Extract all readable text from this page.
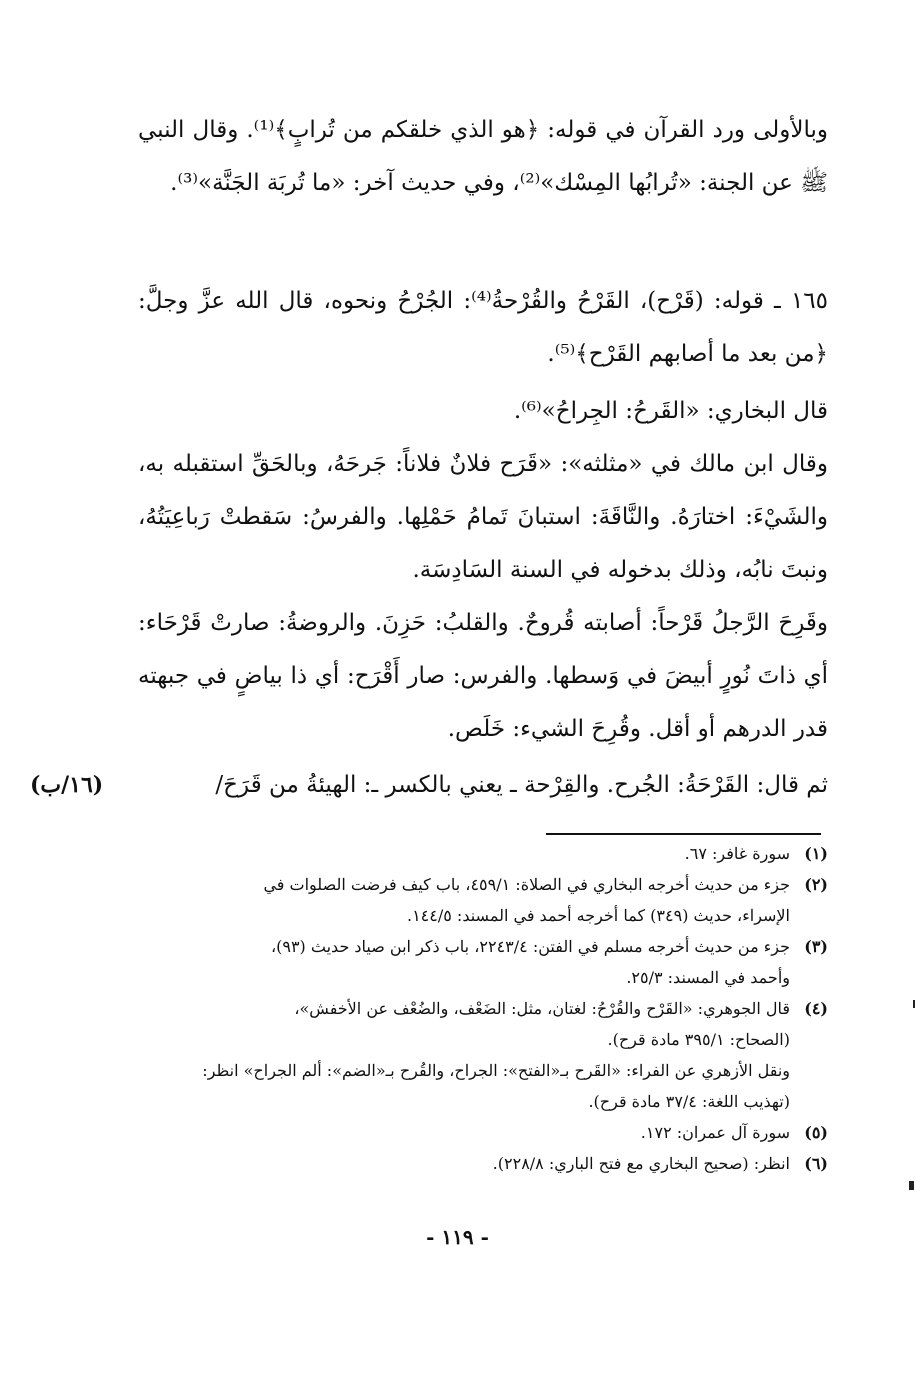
وبالأولى ورد القرآن في قوله: ﴿هو الذي خلقكم من تُرابٍ﴾⁽¹⁾. وقال النبي ﷺ عن الجنة: «تُرابُها المِسْك»⁽²⁾، وفي حديث آخر: «ما تُربَة الجَنَّة»⁽³⁾.

١٦٥ ـ قوله: (قَرْح)، القَرْحُ والقُرْحةُ⁽⁴⁾: الجُرْحُ ونحوه، قال الله عزَّ وجلَّ: ﴿من بعد ما أصابهم القَرْح﴾⁽⁵⁾.

قال البخاري: «القَرحُ: الجِراحُ»⁽⁶⁾.

وقال ابن مالك في «مثلثه»: «قَرَح فلانٌ فلاناً: جَرحَهُ، وبالحَقِّ استقبله به، والشَيْءَ: اختارَهُ. والنَّاقَةَ: استبانَ تَمامُ حَمْلِها. والفرسُ: سَقطتْ رَباعِيَتُهُ، ونبتَ نابُه، وذلك بدخوله في السنة السَادِسَة.

وقَرِحَ الرَّجلُ قَرْحاً: أصابته قُروحٌ. والقلبُ: حَزِنَ. والروضةُ: صارتْ قَرْحَاء: أي ذاتَ نُورٍ أبيضَ في وَسطها. والفرس: صار أَقْرَح: أي ذا بياضٍ في جبهته قدر الدرهم أو أقل. وقُرِحَ الشيء: خَلَص.

ثم قال: القَرْحَةُ: الجُرح. والقِرْحة ـ يعني بالكسر ـ: الهيئةُ من قَرَحَ/
(١٦/ب)
(١)
سورة غافر: ٦٧.
(٢)
جزء من حديث أخرجه البخاري في الصلاة: ٤٥٩/١، باب كيف فرضت الصلوات في
الإسراء، حديث (٣٤٩) كما أخرجه أحمد في المسند: ١٤٤/٥.
(٣)
جزء من حديث أخرجه مسلم في الفتن: ٢٢٤٣/٤، باب ذكر ابن صياد حديث (٩٣)،
وأحمد في المسند: ٢٥/٣.
(٤)
قال الجوهري: «القَرْح والقُرْحُ: لغتان، مثل: الضَعْف، والضُعْف عن الأخفش»،
(الصحاح: ٣٩٥/١ مادة قرح).
ونقل الأزهري عن الفراء: «القَرح بـ«الفتح»: الجراح، والقُرح بـ«الضم»: ألم الجراح» انظر:
(تهذيب اللغة: ٣٧/٤ مادة قرح).
(٥)
سورة آل عمران: ١٧٢.
(٦)
انظر: (صحيح البخاري مع فتح الباري: ٢٢٨/٨).
- ١١٩ -
